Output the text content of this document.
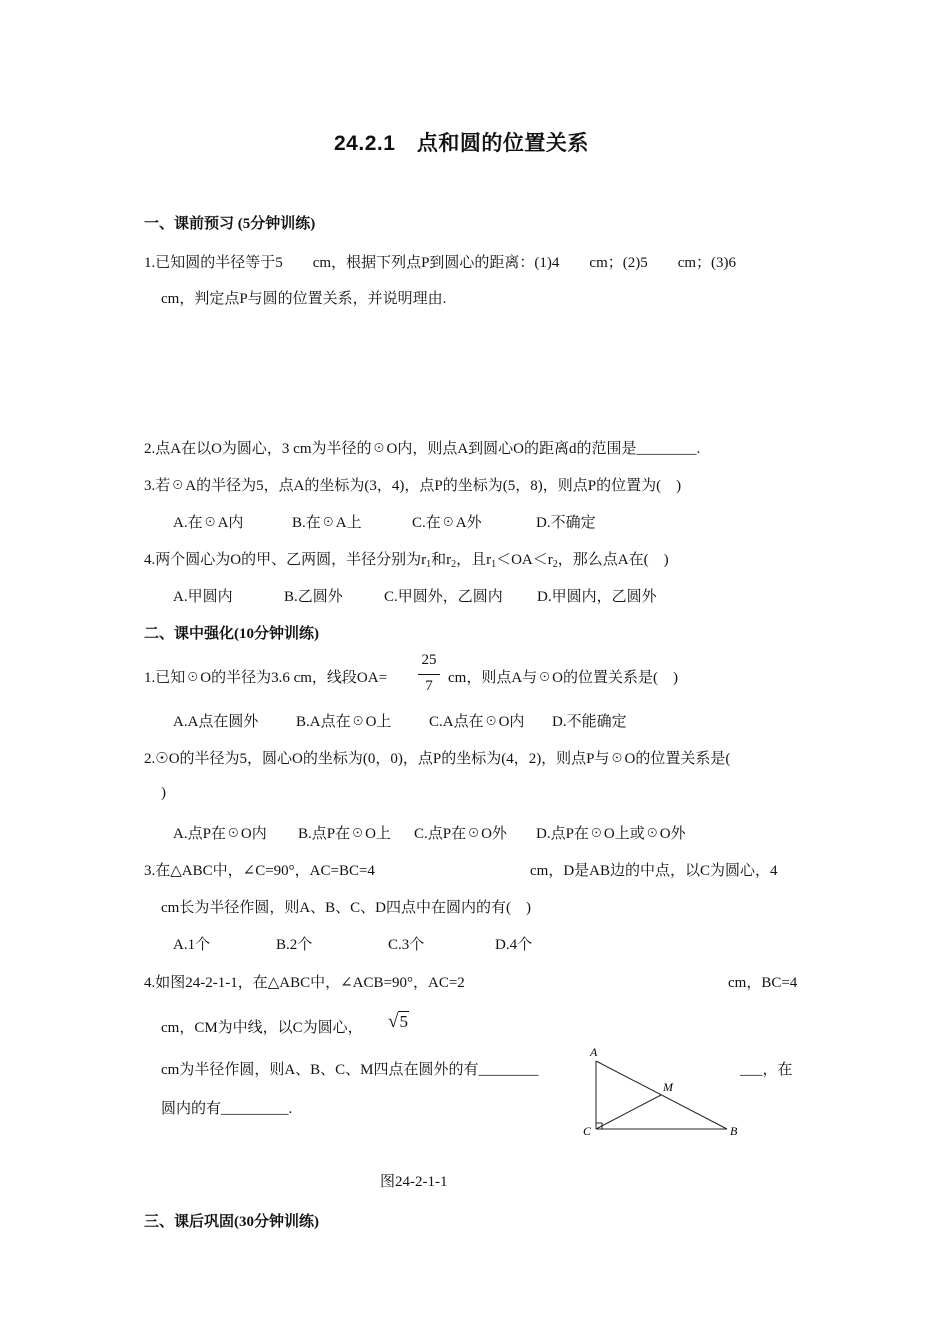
24.2.1　点和圆的位置关系
一、课前预习 (5分钟训练)
1.已知圆的半径等于5　　cm，根据下列点P到圆心的距离：(1)4　　cm；(2)5　　cm；(3)6
cm，判定点P与圆的位置关系，并说明理由.
2.点A在以O为圆心，3 cm为半径的☉O内，则点A到圆心O的距离d的范围是________.
3.若☉A的半径为5，点A的坐标为(3，4)，点P的坐标为(5，8)，则点P的位置为(　)
A.在☉A内	B.在☉A上	C.在☉A外	D.不确定
4.两个圆心为O的甲、乙两圆，半径分别为$r_1$和$r_2$，且$r_1<OA<r_2$，那么点A在(　)
A.甲圆内	B.乙圆外	C.甲圆外，乙圆内 D.甲圆内，乙圆外
二、课中强化(10分钟训练)
1.已知☉O的半径为3.6 cm，线段OA=
25
7	cm，则点A与☉O的位置关系是(　)
A.A点在圆外	B.A点在☉O上	C.A点在☉O内 D.不能确定
2.☉O的半径为5，圆心O的坐标为(0，0)，点P的坐标为(4，2)，则点P与☉O的位置关系是(
)
A.点P在☉O内 B.点P在☉O上 C.点P在☉O外 D.点P在☉O上或☉O外
3.在△ABC中，∠C=90°，AC=BC=4	cm，D是AB边的中点，以C为圆心，4
cm长为半径作圆，则A、B、C、D四点中在圆内的有(　)
A.1个	B.2个	C.3个	D.4个
4.如图24-2-1-1，在△ABC中，∠ACB=90°，AC=2	cm，BC=4
cm，CM为中线，以C为圆心， √5
cm为半径作圆，则A、B、C、M四点在圆外的有________	___，在
圆内的有_________.
A
M
C	B
图24-2-1-1
三、课后巩固(30分钟训练)
